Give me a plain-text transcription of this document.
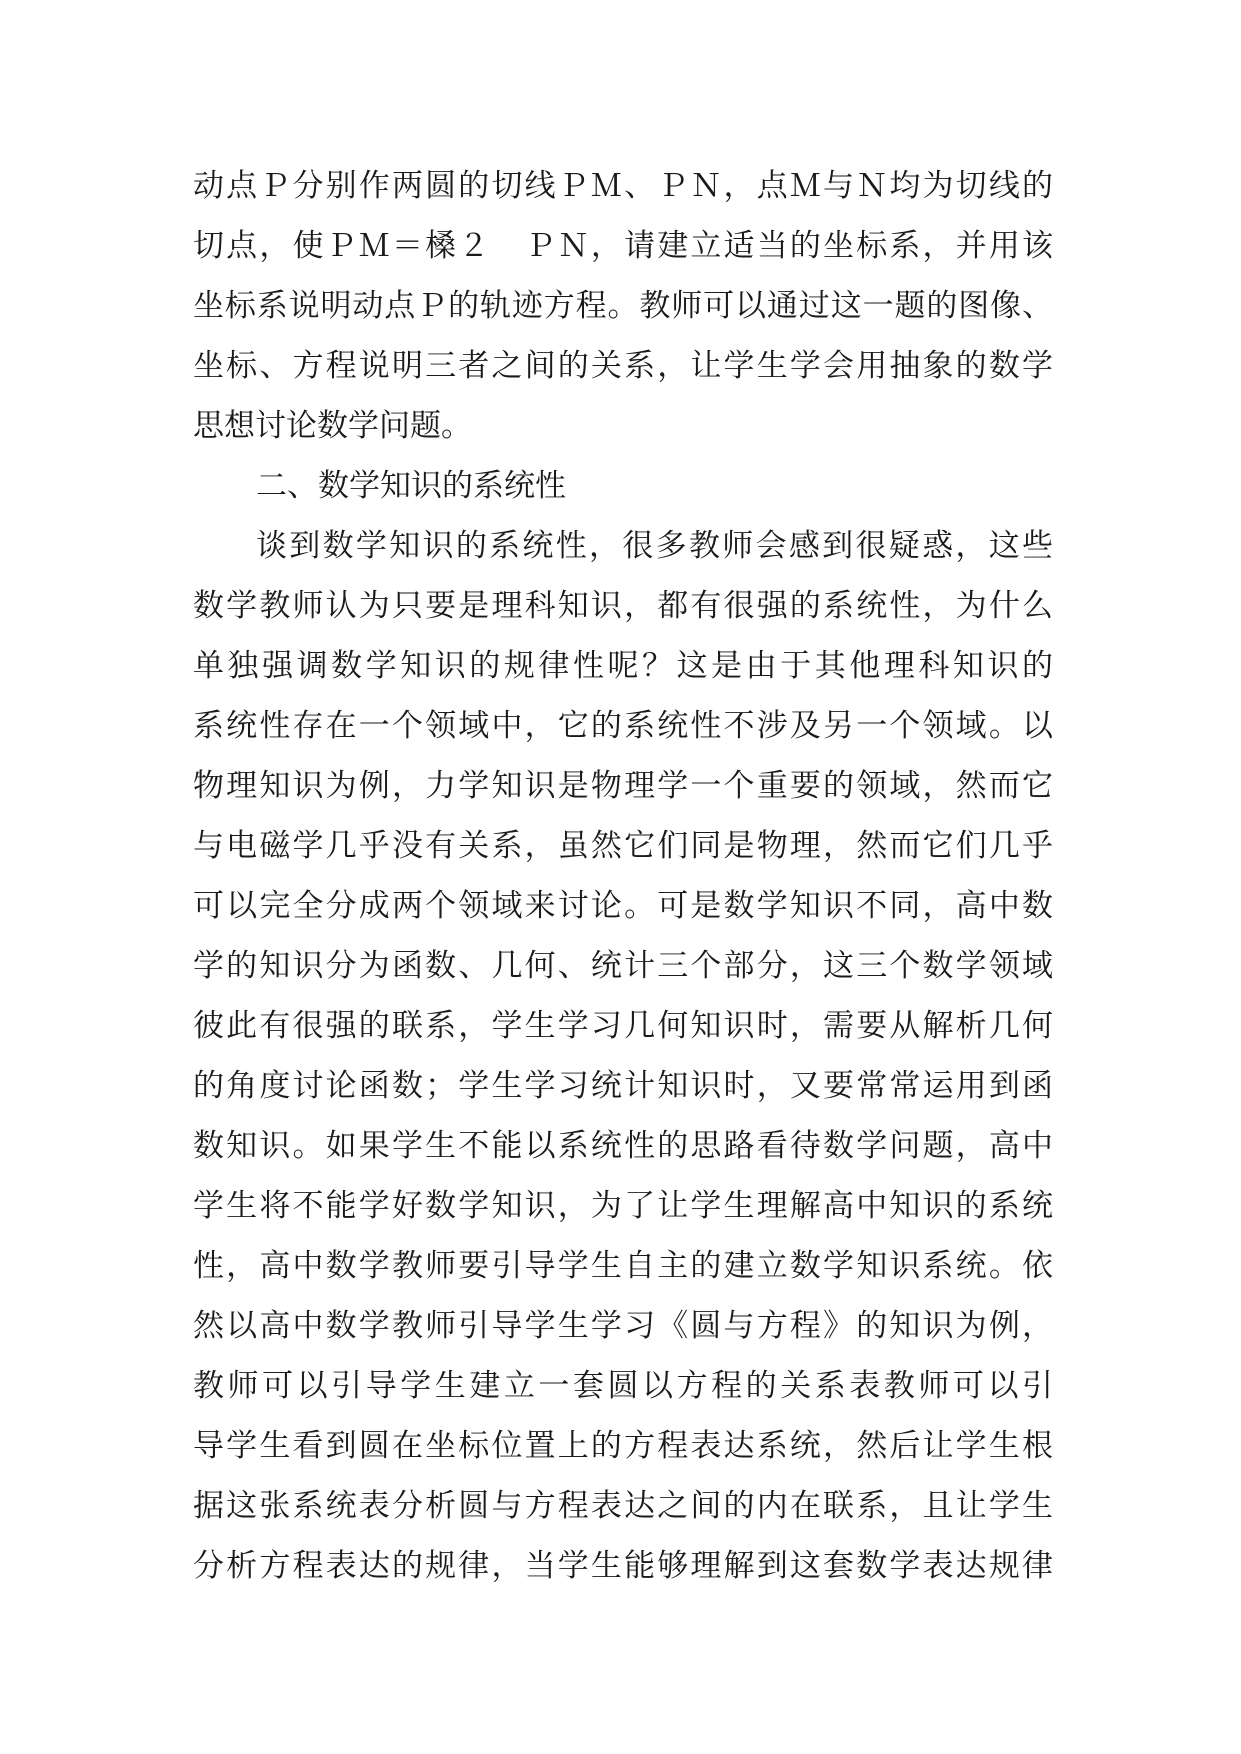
动点Ｐ分别作两圆的切线ＰＭ、ＰＮ，点Ｍ与Ｎ均为切线的
切点，使ＰＭ＝槡２　ＰＮ，请建立适当的坐标系，并用该
坐标系说明动点Ｐ的轨迹方程。教师可以通过这一题的图像、
坐标、方程说明三者之间的关系，让学生学会用抽象的数学
思想讨论数学问题。
二、数学知识的系统性
谈到数学知识的系统性，很多教师会感到很疑惑，这些
数学教师认为只要是理科知识，都有很强的系统性，为什么
单独强调数学知识的规律性呢？这是由于其他理科知识的
系统性存在一个领域中，它的系统性不涉及另一个领域。以
物理知识为例，力学知识是物理学一个重要的领域，然而它
与电磁学几乎没有关系，虽然它们同是物理，然而它们几乎
可以完全分成两个领域来讨论。可是数学知识不同，高中数
学的知识分为函数、几何、统计三个部分，这三个数学领域
彼此有很强的联系，学生学习几何知识时，需要从解析几何
的角度讨论函数；学生学习统计知识时，又要常常运用到函
数知识。如果学生不能以系统性的思路看待数学问题，高中
学生将不能学好数学知识，为了让学生理解高中知识的系统
性，高中数学教师要引导学生自主的建立数学知识系统。依
然以高中数学教师引导学生学习《圆与方程》的知识为例，
教师可以引导学生建立一套圆以方程的关系表教师可以引
导学生看到圆在坐标位置上的方程表达系统，然后让学生根
据这张系统表分析圆与方程表达之间的内在联系，且让学生
分析方程表达的规律，当学生能够理解到这套数学表达规律
